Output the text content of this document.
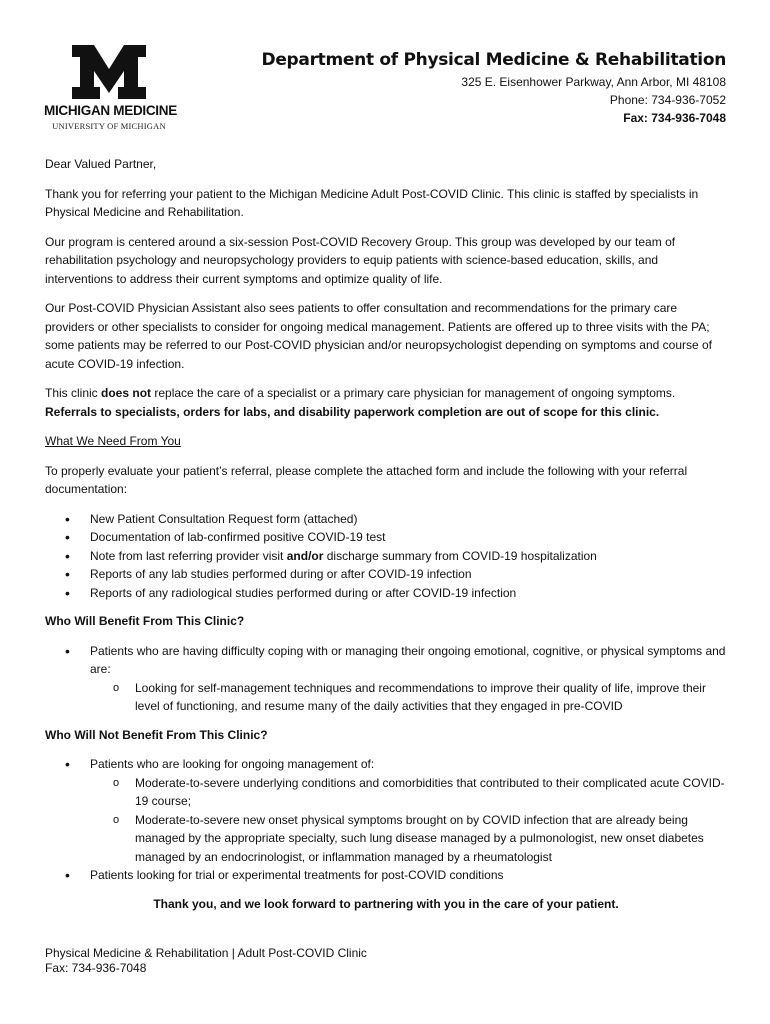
MICHIGAN MEDICINE
UNIVERSITY OF MICHIGAN
Department of Physical Medicine & Rehabilitation
325 E. Eisenhower Parkway, Ann Arbor, MI 48108
Phone: 734-936-7052
Fax: 734-936-7048

Dear Valued Partner,

Thank you for referring your patient to the Michigan Medicine Adult Post-COVID Clinic. This clinic is staffed by specialists in Physical Medicine and Rehabilitation.

Our program is centered around a six-session Post-COVID Recovery Group. This group was developed by our team of rehabilitation psychology and neuropsychology providers to equip patients with science-based education, skills, and interventions to address their current symptoms and optimize quality of life.

Our Post-COVID Physician Assistant also sees patients to offer consultation and recommendations for the primary care providers or other specialists to consider for ongoing medical management. Patients are offered up to three visits with the PA; some patients may be referred to our Post-COVID physician and/or neuropsychologist depending on symptoms and course of acute COVID-19 infection.

This clinic does not replace the care of a specialist or a primary care physician for management of ongoing symptoms.
Referrals to specialists, orders for labs, and disability paperwork completion are out of scope for this clinic.

What We Need From You

To properly evaluate your patient’s referral, please complete the attached form and include the following with your referral documentation:

• New Patient Consultation Request form (attached)
• Documentation of lab-confirmed positive COVID-19 test
• Note from last referring provider visit and/or discharge summary from COVID-19 hospitalization
• Reports of any lab studies performed during or after COVID-19 infection
• Reports of any radiological studies performed during or after COVID-19 infection

Who Will Benefit From This Clinic?

• Patients who are having difficulty coping with or managing their ongoing emotional, cognitive, or physical symptoms and are:
o Looking for self-management techniques and recommendations to improve their quality of life, improve their level of functioning, and resume many of the daily activities that they engaged in pre-COVID

Who Will Not Benefit From This Clinic?

• Patients who are looking for ongoing management of:
o Moderate-to-severe underlying conditions and comorbidities that contributed to their complicated acute COVID-19 course;
o Moderate-to-severe new onset physical symptoms brought on by COVID infection that are already being managed by the appropriate specialty, such lung disease managed by a pulmonologist, new onset diabetes managed by an endocrinologist, or inflammation managed by a rheumatologist
• Patients looking for trial or experimental treatments for post-COVID conditions

Thank you, and we look forward to partnering with you in the care of your patient.

Physical Medicine & Rehabilitation | Adult Post-COVID Clinic
Fax: 734-936-7048
